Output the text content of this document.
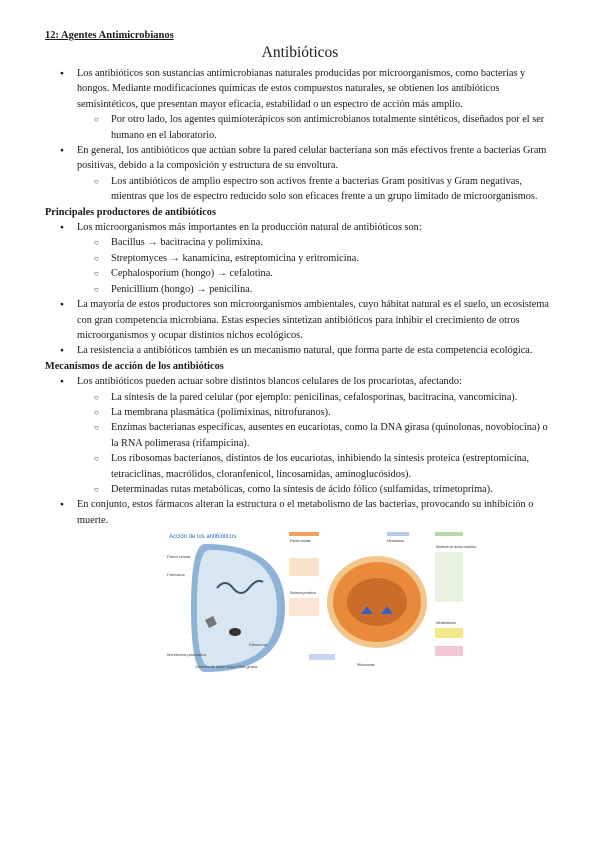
12: Agentes Antimicrobianos
Antibióticos
● Los antibióticos son sustancias antimicrobianas naturales producidas por microorganismos, como bacterias y hongos. Mediante modificaciones químicas de estos compuestos naturales, se obtienen los antibióticos semisintéticos, que presentan mayor eficacia, estabilidad o un espectro de acción más amplio.
○ Por otro lado, los agentes quimioterápicos son antimicrobianos totalmente sintéticos, diseñados por el ser humano en el laboratorio.
● En general, los antibióticos que actúan sobre la pared celular bacteriana son más efectivos frente a bacterias Gram positivas, debido a la composición y estructura de su envoltura.
○ Los antibióticos de amplio espectro son activos frente a bacterias Gram positivas y Gram negativas, mientras que los de espectro reducido solo son eficaces frente a un grupo limitado de microorganismos.

Principales productores de antibióticos

● Los microorganismos más importantes en la producción natural de antibióticos son:
○ Bacillus → bacitracina y polimixina.
○ Streptomyces → kanamicina, estreptomicina y eritromicina.
○ Cephalosporium (hongo) → cefalotina.
○ Penicillium (hongo) → penicilina.
● La mayoría de estos productores son microorganismos ambientales, cuyo hábitat natural es el suelo, un ecosistema con gran competencia microbiana. Estas especies sintetizan antibióticos para inhibir el crecimiento de otros microorganismos y ocupar distintos nichos ecológicos.
● La resistencia a antibióticos también es un mecanismo natural, que forma parte de esta competencia ecológica.

Mecanismos de acción de los antibióticos

● Los antibióticos pueden actuar sobre distintos blancos celulares de los procariotas, afectando:
○ La síntesis de la pared celular (por ejemplo: penicilinas, cefalosporinas, bacitracina, vancomicina).
○ La membrana plasmática (polimixinas, nitrofuranos).
○ Enzimas bacterianas específicas, ausentes en eucariotas, como la DNA girasa (quinolonas, novobiocina) o la RNA polimerasa (rifampicina).
○ Los ribosomas bacterianos, distintos de los eucariotas, inhibiendo la síntesis proteica (estreptomicina, tetraciclinas, macrólidos, cloranfenicol, lincosamidas, aminoglucósidos).
○ Determinadas rutas metabólicas, como la síntesis de ácido fólico (sulfamidas, trimetoprima).
● En conjunto, estos fármacos alteran la estructura o el metabolismo de las bacterias, provocando su inhibición o muerte.
Acción de los antibióticos
Pared celular
Fármacos
Ribosoma
Membrana plasmática
Síntesis de ácido fólico DNA girasa
Pared celular	Membrana
Síntesis de ácido nucleico
Síntesis proteica
Metabolismo
Ribosomas
